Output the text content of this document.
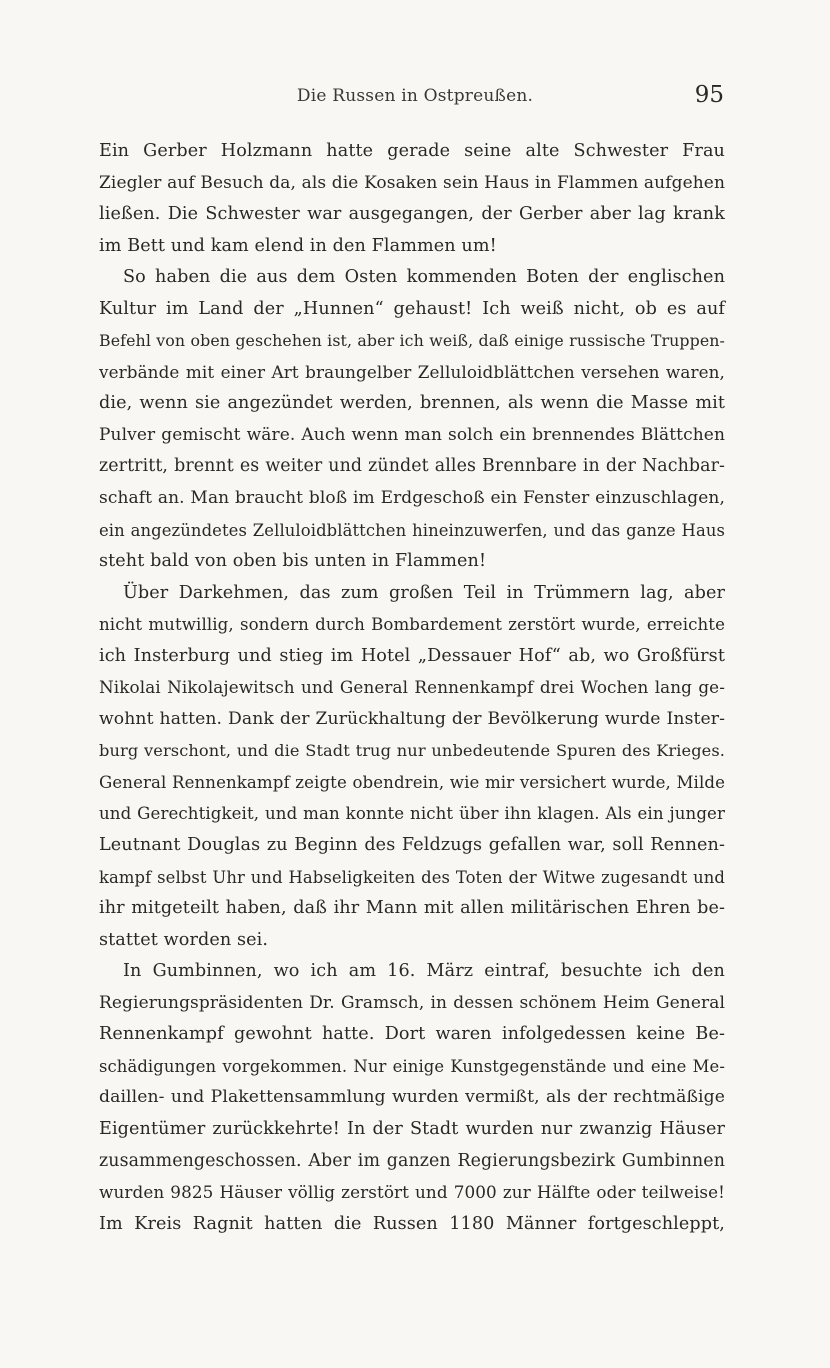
Die Russen in Ostpreußen.	95
Ein Gerber Holzmann hatte gerade seine alte Schwester Frau
Ziegler auf Besuch da, als die Kosaken sein Haus in Flammen aufgehen
ließen. Die Schwester war ausgegangen, der Gerber aber lag krank
im Bett und kam elend in den Flammen um!
So haben die aus dem Osten kommenden Boten der englischen
Kultur im Land der „Hunnen“ gehaust! Ich weiß nicht, ob es auf
Befehl von oben geschehen ist, aber ich weiß, daß einige russische Truppen-
verbände mit einer Art braungelber Zelluloidblättchen versehen waren,
die, wenn sie angezündet werden, brennen, als wenn die Masse mit
Pulver gemischt wäre. Auch wenn man solch ein brennendes Blättchen
zertritt, brennt es weiter und zündet alles Brennbare in der Nachbar-
schaft an. Man braucht bloß im Erdgeschoß ein Fenster einzuschlagen,
ein angezündetes Zelluloidblättchen hineinzuwerfen, und das ganze Haus
steht bald von oben bis unten in Flammen!
Über Darkehmen, das zum großen Teil in Trümmern lag, aber
nicht mutwillig, sondern durch Bombardement zerstört wurde, erreichte
ich Insterburg und stieg im Hotel „Dessauer Hof“ ab, wo Großfürst
Nikolai Nikolajewitsch und General Rennenkampf drei Wochen lang ge-
wohnt hatten. Dank der Zurückhaltung der Bevölkerung wurde Inster-
burg verschont, und die Stadt trug nur unbedeutende Spuren des Krieges.
General Rennenkampf zeigte obendrein, wie mir versichert wurde, Milde
und Gerechtigkeit, und man konnte nicht über ihn klagen. Als ein junger
Leutnant Douglas zu Beginn des Feldzugs gefallen war, soll Rennen-
kampf selbst Uhr und Habseligkeiten des Toten der Witwe zugesandt und
ihr mitgeteilt haben, daß ihr Mann mit allen militärischen Ehren be-
stattet worden sei.
In Gumbinnen, wo ich am 16. März eintraf, besuchte ich den
Regierungspräsidenten Dr. Gramsch, in dessen schönem Heim General
Rennenkampf gewohnt hatte. Dort waren infolgedessen keine Be-
schädigungen vorgekommen. Nur einige Kunstgegenstände und eine Me-
daillen- und Plakettensammlung wurden vermißt, als der rechtmäßige
Eigentümer zurückkehrte! In der Stadt wurden nur zwanzig Häuser
zusammengeschossen. Aber im ganzen Regierungsbezirk Gumbinnen
wurden 9825 Häuser völlig zerstört und 7000 zur Hälfte oder teilweise!
Im Kreis Ragnit hatten die Russen 1180 Männer fortgeschleppt,
